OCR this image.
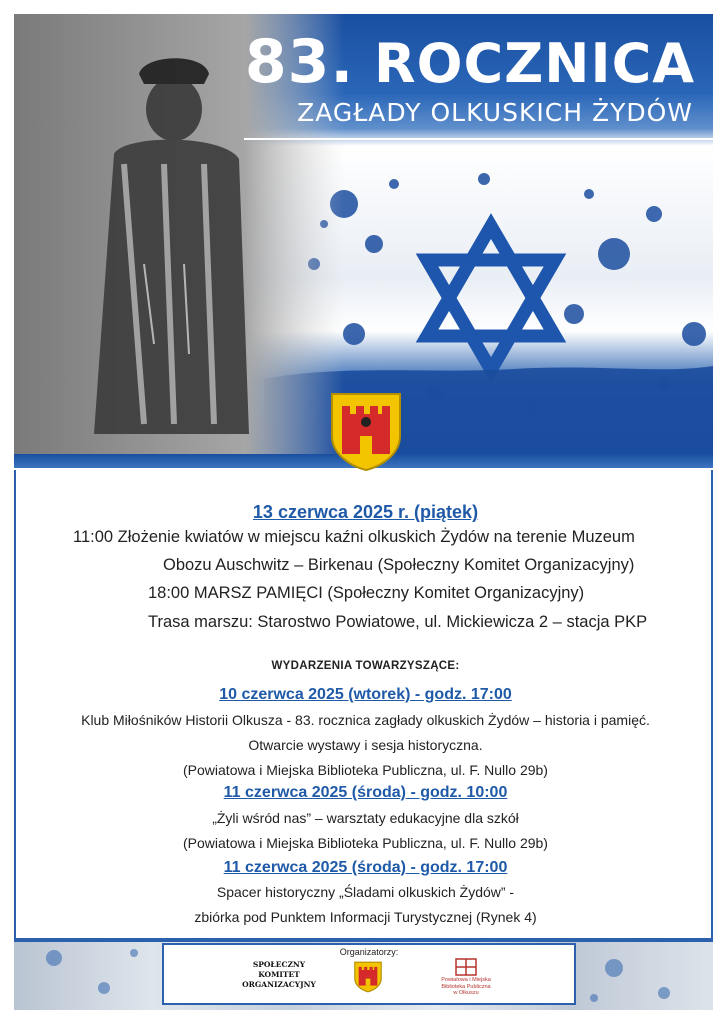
83. ROCZNICA
ZAGŁADY OLKUSKICH ŻYDÓW
13 czerwca 2025 r. (piątek)
11:00 Złożenie kwiatów w miejscu kaźni olkuskich Żydów na terenie Muzeum
Obozu Auschwitz – Birkenau (Społeczny Komitet Organizacyjny)
18:00 MARSZ PAMIĘCI (Społeczny Komitet Organizacyjny)
Trasa marszu: Starostwo Powiatowe, ul. Mickiewicza 2 – stacja PKP
WYDARZENIA TOWARZYSZĄCE:
10 czerwca 2025 (wtorek) - godz. 17:00
Klub Miłośników Historii Olkusza - 83. rocznica zagłady olkuskich Żydów – historia i pamięć.
Otwarcie wystawy i sesja historyczna.
(Powiatowa i Miejska Biblioteka Publiczna, ul. F. Nullo 29b)
11 czerwca 2025 (środa) - godz. 10:00
„Żyli wśród nas” – warsztaty edukacyjne dla szkół
(Powiatowa i Miejska Biblioteka Publiczna, ul. F. Nullo 29b)
11 czerwca 2025 (środa) - godz. 17:00
Spacer historyczny „Śladami olkuskich Żydów” -
zbiórka pod Punktem Informacji Turystycznej (Rynek 4)
Organizatorzy:
SPOŁECZNY
KOMITET
ORGANIZACYJNY	Powiatowa i Miejska
Biblioteka Publiczna
w Olkuszu
